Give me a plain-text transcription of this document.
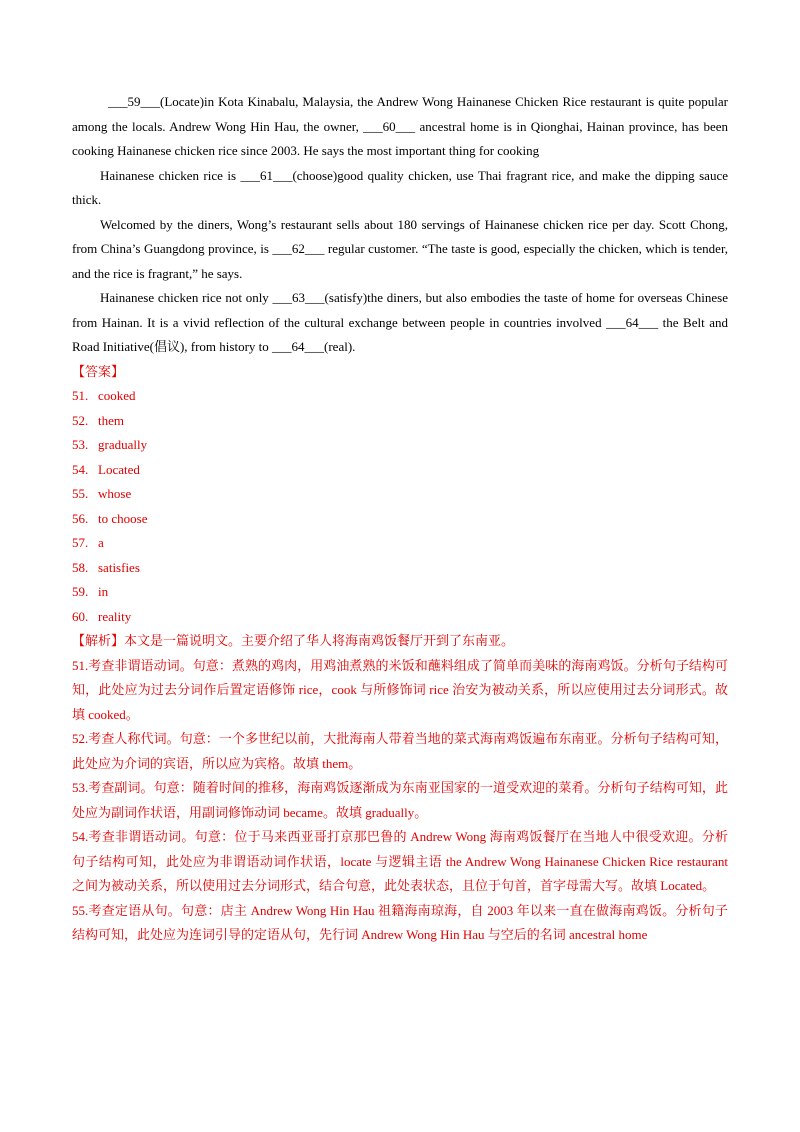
___59___(Locate)in Kota Kinabalu, Malaysia, the Andrew Wong Hainanese Chicken Rice restaurant is quite popular among the locals. Andrew Wong Hin Hau, the owner, ___60___ ancestral home is in Qionghai, Hainan province, has been cooking Hainanese chicken rice since 2003. He says the most important thing for cooking

Hainanese chicken rice is ___61___(choose)good quality chicken, use Thai fragrant rice, and make the dipping sauce thick.

Welcomed by the diners, Wong’s restaurant sells about 180 servings of Hainanese chicken rice per day. Scott Chong, from China’s Guangdong province, is ___62___ regular customer. “The taste is good, especially the chicken, which is tender, and the rice is fragrant,” he says.

Hainanese chicken rice not only ___63___(satisfy)the diners, but also embodies the taste of home for overseas Chinese from Hainan. It is a vivid reflection of the cultural exchange between people in countries involved ___64___ the Belt and Road Initiative(倡议), from history to ___64___(real).

【答案】

51. cooked
52. them
53. gradually
54. Located
55. whose
56. to choose
57. a
58. satisfies
59. in
60. reality

【解析】本文是一篇说明文。主要介绍了华人将海南鸡饭餐厅开到了东南亚。

51.考查非谓语动词。句意：煮熟的鸡肉，用鸡油煮熟的米饭和蘸料组成了简单而美味的海南鸡饭。分析句子结构可知，此处应为过去分词作后置定语修饰 rice，cook 与所修饰词 rice 治安为被动关系，所以应使用过去分词形式。故填 cooked。

52.考查人称代词。句意：一个多世纪以前，大批海南人带着当地的菜式海南鸡饭遍布东南亚。分析句子结构可知，此处应为介词的宾语，所以应为宾格。故填 them。

53.考查副词。句意：随着时间的推移，海南鸡饭逐渐成为东南亚国家的一道受欢迎的菜肴。分析句子结构可知，此处应为副词作状语，用副词修饰动词 became。故填 gradually。

54.考查非谓语动词。句意：位于马来西亚哥打京那巴鲁的 Andrew Wong 海南鸡饭餐厅在当地人中很受欢迎。分析句子结构可知，此处应为非谓语动词作状语，locate 与逻辑主语 the Andrew Wong Hainanese Chicken Rice restaurant 之间为被动关系，所以使用过去分词形式，结合句意，此处表状态，且位于句首，首字母需大写。故填 Located。

55.考查定语从句。句意：店主 Andrew Wong Hin Hau 祖籍海南琼海，自 2003 年以来一直在做海南鸡饭。分析句子结构可知，此处应为连词引导的定语从句，先行词 Andrew Wong Hin Hau 与空后的名词 ancestral home
